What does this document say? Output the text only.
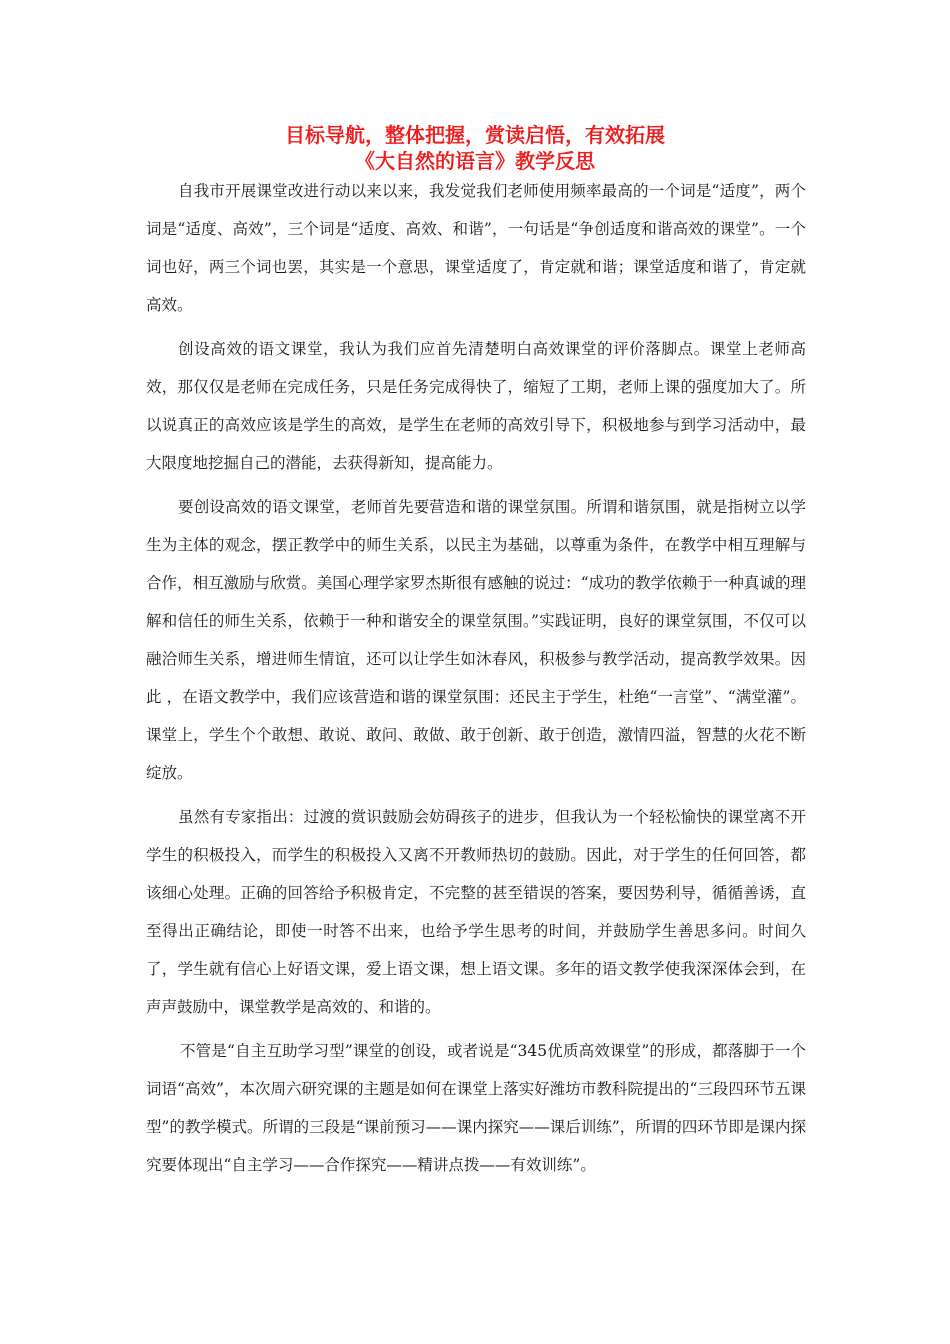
目标导航，整体把握，赏读启悟，有效拓展
《大自然的语言》教学反思

自我市开展课堂改进行动以来以来，我发觉我们老师使用频率最高的一个词是“适度”，两个词是“适度、高效”，三个词是“适度、高效、和谐”，一句话是“争创适度和谐高效的课堂”。一个词也好，两三个词也罢，其实是一个意思，课堂适度了，肯定就和谐；课堂适度和谐了，肯定就高效。

创设高效的语文课堂，我认为我们应首先清楚明白高效课堂的评价落脚点。课堂上老师高效，那仅仅是老师在完成任务，只是任务完成得快了，缩短了工期，老师上课的强度加大了。所以说真正的高效应该是学生的高效，是学生在老师的高效引导下，积极地参与到学习活动中，最大限度地挖掘自己的潜能，去获得新知，提高能力。

要创设高效的语文课堂，老师首先要营造和谐的课堂氛围。所谓和谐氛围，就是指树立以学生为主体的观念，摆正教学中的师生关系，以民主为基础，以尊重为条件，在教学中相互理解与合作，相互激励与欣赏。美国心理学家罗杰斯很有感触的说过：“成功的教学依赖于一种真诚的理解和信任的师生关系，依赖于一种和谐安全的课堂氛围。”实践证明，良好的课堂氛围，不仅可以融洽师生关系，增进师生情谊，还可以让学生如沐春风，积极参与教学活动，提高教学效果。因此 ，在语文教学中，我们应该营造和谐的课堂氛围：还民主于学生，杜绝“一言堂”、“满堂灌”。课堂上，学生个个敢想、敢说、敢问、敢做、敢于创新、敢于创造，激情四溢，智慧的火花不断绽放。

虽然有专家指出：过渡的赏识鼓励会妨碍孩子的进步，但我认为一个轻松愉快的课堂离不开学生的积极投入，而学生的积极投入又离不开教师热切的鼓励。因此，对于学生的任何回答，都该细心处理。正确的回答给予积极肯定，不完整的甚至错误的答案，要因势利导，循循善诱，直至得出正确结论，即使一时答不出来，也给予学生思考的时间，并鼓励学生善思多问。时间久了，学生就有信心上好语文课，爱上语文课，想上语文课。多年的语文教学使我深深体会到，在声声鼓励中，课堂教学是高效的、和谐的。

不管是“自主互助学习型”课堂的创设，或者说是“345优质高效课堂”的形成，都落脚于一个词语“高效”，本次周六研究课的主题是如何在课堂上落实好潍坊市教科院提出的“三段四环节五课型”的教学模式。所谓的三段是“课前预习——课内探究——课后训练”，所谓的四环节即是课内探究要体现出“自主学习——合作探究——精讲点拨——有效训练”。
